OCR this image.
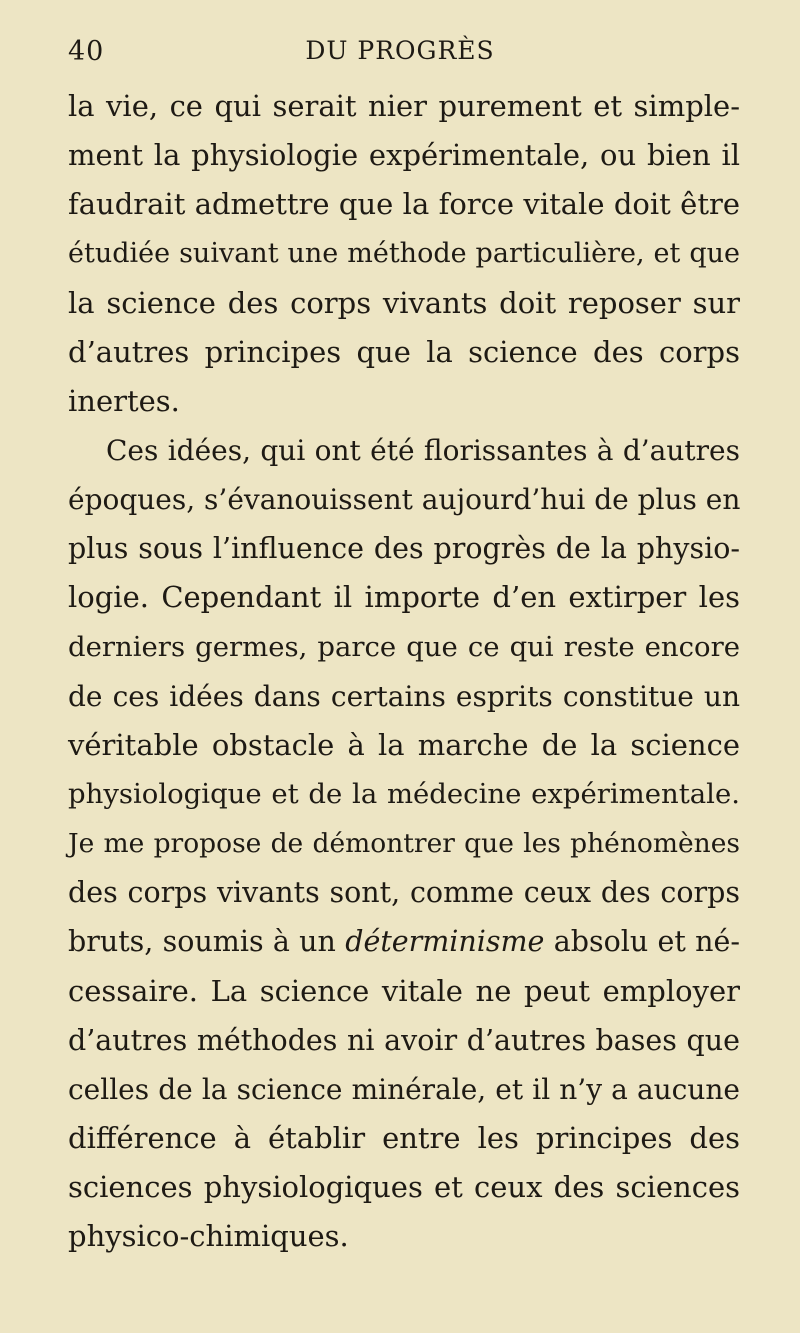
40	DU PROGRÈS
la vie, ce qui serait nier purement et simple-
ment la physiologie expérimentale, ou bien il
faudrait admettre que la force vitale doit être
étudiée suivant une méthode particulière, et que
la science des corps vivants doit reposer sur
d’autres principes que la science des corps
inertes.
Ces idées, qui ont été florissantes à d’autres
époques, s’évanouissent aujourd’hui de plus en
plus sous l’influence des progrès de la physio-
logie. Cependant il importe d’en extirper les
derniers germes, parce que ce qui reste encore
de ces idées dans certains esprits constitue un
véritable obstacle à la marche de la science
physiologique et de la médecine expérimentale.
Je me propose de démontrer que les phénomènes
des corps vivants sont, comme ceux des corps
bruts, soumis à un déterminisme absolu et né-
cessaire. La science vitale ne peut employer
d’autres méthodes ni avoir d’autres bases que
celles de la science minérale, et il n’y a aucune
différence à établir entre les principes des
sciences physiologiques et ceux des sciences
physico-chimiques.
